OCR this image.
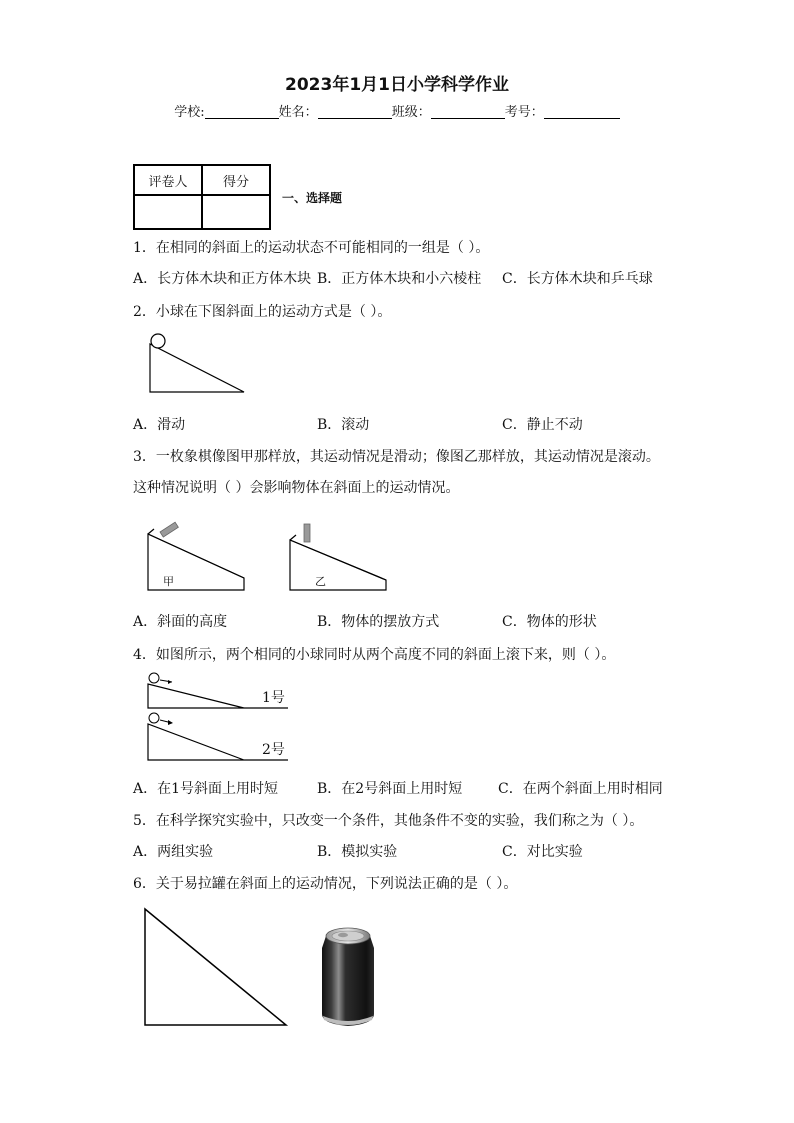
2023年1月1日小学科学作业
学校:	姓名：	班级：	考号：
评卷人	得分

一、选择题
1．在相同的斜面上的运动状态不可能相同的一组是（ ）。
A．长方体木块和正方体木块 B．正方体木块和小六棱柱 C．长方体木块和乒乓球
2．小球在下图斜面上的运动方式是（ ）。
A．滑动	B．滚动	C．静止不动
3．一枚象棋像图甲那样放，其运动情况是滑动；像图乙那样放，其运动情况是滚动。
这种情况说明（ ）会影响物体在斜面上的运动情况。
甲	乙
A．斜面的高度	B．物体的摆放方式	C．物体的形状
4．如图所示，两个相同的小球同时从两个高度不同的斜面上滚下来，则（ ）。
1号
2号
A．在1号斜面上用时短	B．在2号斜面上用时短	C．在两个斜面上用时相同
5．在科学探究实验中，只改变一个条件，其他条件不变的实验，我们称之为（ ）。
A．两组实验	B．模拟实验	C．对比实验
6．关于易拉罐在斜面上的运动情况，下列说法正确的是（ ）。
